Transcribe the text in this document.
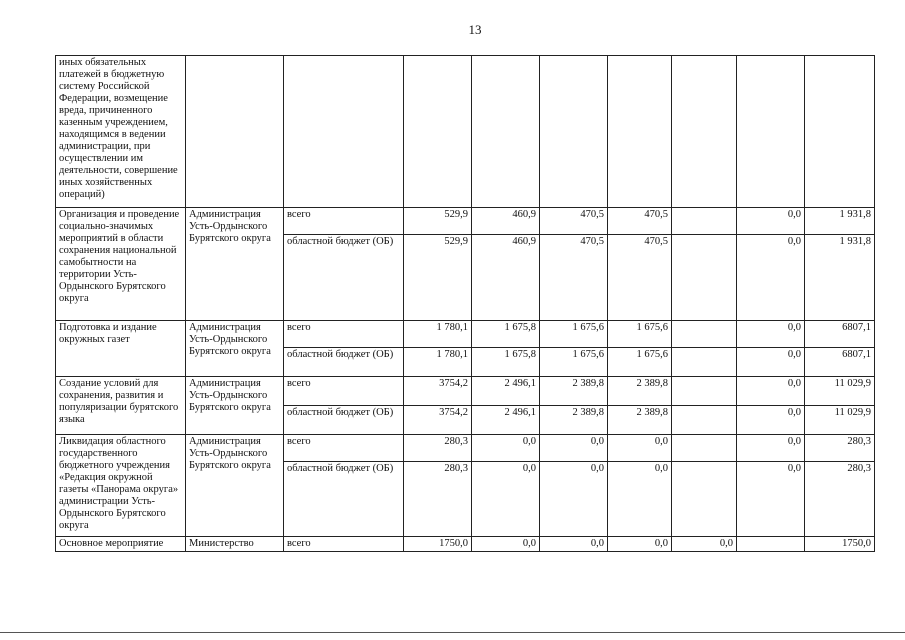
13
иных обязательных платежей в бюджетную систему Российской Федерации, возмещение вреда, причиненного казенным учреждением, находящимся в ведении администрации, при осуществлении им деятельности, совершение иных хозяйственных операций)									
Организация и проведение социально-значимых мероприятий в области сохранения национальной самобытности на территории Усть-Ордынского Бурятского округа	Администрация Усть-Ордынского Бурятского округа	всего	529,9	460,9	470,5	470,5		0,0	1 931,8
		областной бюджет (ОБ)	529,9	460,9	470,5	470,5		0,0	1 931,8
Подготовка и издание окружных газет	Администрация Усть-Ордынского Бурятского округа	всего	1 780,1	1 675,8	1 675,6	1 675,6		0,0	6807,1
		областной бюджет (ОБ)	1 780,1	1 675,8	1 675,6	1 675,6		0,0	6807,1
Создание условий для сохранения, развития и популяризации бурятского языка	Администрация Усть-Ордынского Бурятского округа	всего	3754,2	2 496,1	2 389,8	2 389,8		0,0	11 029,9
		областной бюджет (ОБ)	3754,2	2 496,1	2 389,8	2 389,8		0,0	11 029,9
Ликвидация областного государственного бюджетного учреждения «Редакция окружной газеты «Панорама округа» администрации Усть-Ордынского Бурятского округа	Администрация Усть-Ордынского Бурятского округа	всего	280,3	0,0	0,0	0,0		0,0	280,3
		областной бюджет (ОБ)	280,3	0,0	0,0	0,0		0,0	280,3
Основное мероприятие	Министерство	всего	1750,0	0,0	0,0	0,0	0,0		1750,0
